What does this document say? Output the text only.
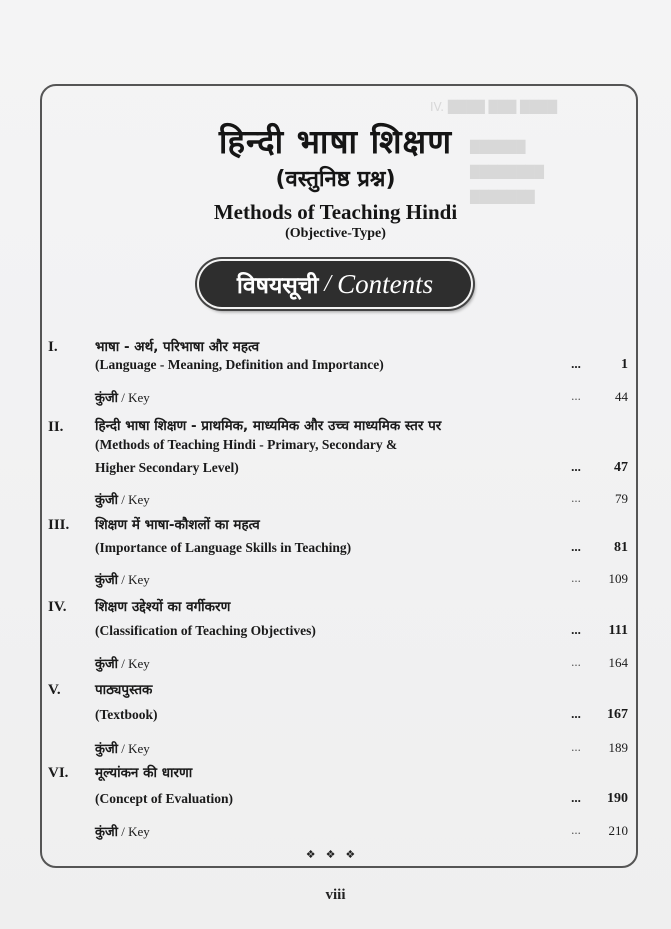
IV. ████ ███ ████
██████
████████
███████
हिन्दी भाषा शिक्षण
(वस्तुनिष्ठ प्रश्न)
Methods of Teaching Hindi
(Objective-Type)
विषयसूची / Contents
I.	भाषा - अर्थ, परिभाषा और महत्व
(Language - Meaning, Definition and Importance)	...	1
कुंजी / Key	...	44
II. हिन्दी भाषा शिक्षण - प्राथमिक, माध्यमिक और उच्च माध्यमिक स्तर पर
(Methods of Teaching Hindi - Primary, Secondary &
Higher Secondary Level)	...	47
कुंजी / Key	...	79
III. शिक्षण में भाषा-कौशलों का महत्व
(Importance of Language Skills in Teaching)	...	81
कुंजी / Key	...	109
IV. शिक्षण उद्देश्यों का वर्गीकरण
(Classification of Teaching Objectives)	...	111
कुंजी / Key	...	164
V.	पाठ्यपुस्तक
(Textbook)	...	167
कुंजी / Key	...	189
VI. मूल्यांकन की धारणा
(Concept of Evaluation)	...	190
कुंजी / Key	...	210
❖❖❖
viii
